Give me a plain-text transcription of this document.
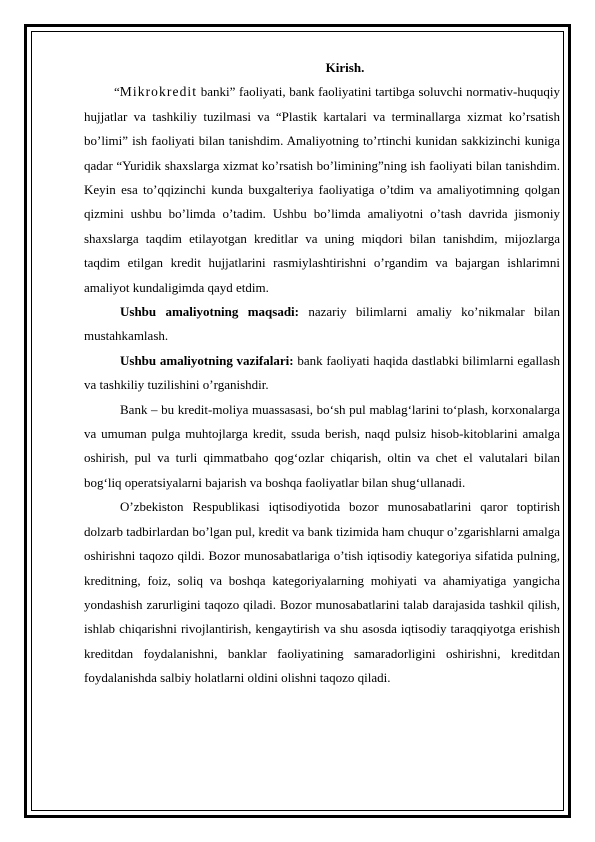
Kirish.

“Mikrokredit banki” faoliyati, bank faoliyatini tartibga soluvchi normativ-huquqiy hujjatlar va tashkiliy tuzilmasi va “Plastik kartalari va terminallarga xizmat ko’rsatish bo’limi” ish faoliyati bilan tanishdim. Amaliyotning to’rtinchi kunidan sakkizinchi kuniga qadar “Yuridik shaxslarga xizmat ko’rsatish bo’limining”ning ish faoliyati bilan tanishdim. Keyin esa to’qqizinchi kunda buxgalteriya faoliyatiga o’tdim va amaliyotimning qolgan qizmini ushbu bo’limda o’tadim. Ushbu bo’limda amaliyotni o’tash davrida jismoniy shaxslarga taqdim etilayotgan kreditlar va uning miqdori bilan tanishdim, mijozlarga taqdim etilgan kredit hujjatlarini rasmiylashtirishni o’rgandim va bajargan ishlarimni amaliyot kundaligimda qayd etdim.

Ushbu amaliyotning maqsadi: nazariy bilimlarni amaliy ko’nikmalar bilan mustahkamlash.

Ushbu amaliyotning vazifalari: bank faoliyati haqida dastlabki bilimlarni egallash va tashkiliy tuzilishini o’rganishdir.

Bank – bu kredit-moliya muassasasi, bo‘sh pul mablag‘larini to‘plash, korxonalarga va umuman pulga muhtojlarga kredit, ssuda berish, naqd pulsiz hisob-kitoblarini amalga oshirish, pul va turli qimmatbaho qog‘ozlar chiqarish, oltin va chet el valutalari bilan bog‘liq operatsiyalarni bajarish va boshqa faoliyatlar bilan shug‘ullanadi.

O’zbekiston Respublikasi iqtisodiyotida bozor munosabatlarini qaror toptirish dolzarb tadbirlardan bo’lgan pul, kredit va bank tizimida ham chuqur o’zgarishlarni amalga oshirishni taqozo qildi. Bozor munosabatlariga o’tish iqtisodiy kategoriya sifatida pulning, kreditning, foiz, soliq va boshqa kategoriyalarning mohiyati va ahamiyatiga yangicha yondashish zarurligini taqozo qiladi. Bozor munosabatlarini talab darajasida tashkil qilish, ishlab chiqarishni rivojlantirish, kengaytirish va shu asosda iqtisodiy taraqqiyotga erishish kreditdan foydalanishni, banklar faoliyatining samaradorligini oshirishni, kreditdan foydalanishda salbiy holatlarni oldini olishni taqozo qiladi.
